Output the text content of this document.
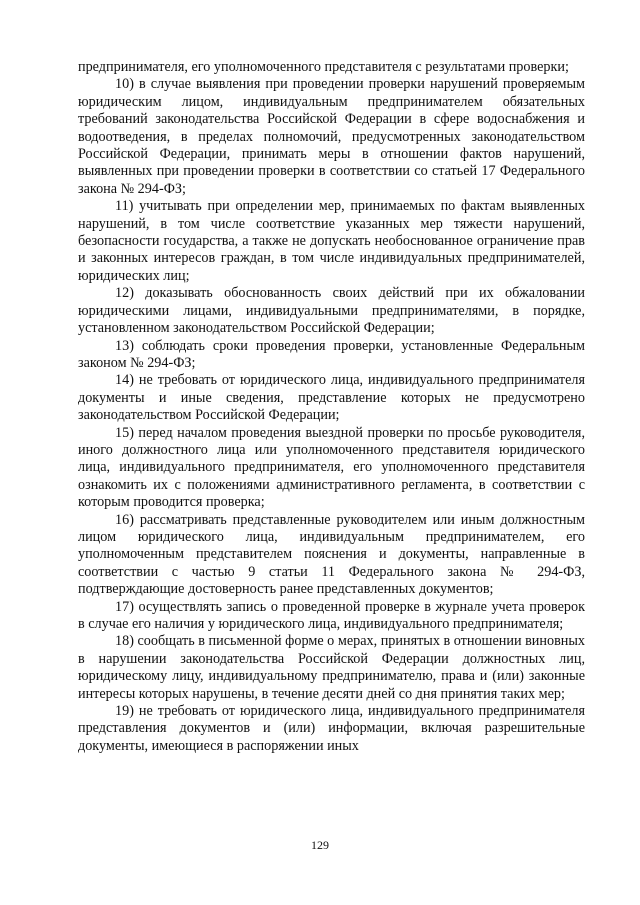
предпринимателя, его уполномоченного представителя с результатами проверки;

10) в случае выявления при проведении проверки нарушений проверяемым юридическим лицом, индивидуальным предпринимателем обязательных требований законодательства Российской Федерации в сфере водоснабжения и водоотведения, в пределах полномочий, предусмотренных законодательством Российской Федерации, принимать меры в отношении фактов нарушений, выявленных при проведении проверки в соответствии со статьей 17 Федерального закона № 294-ФЗ;

11) учитывать при определении мер, принимаемых по фактам выявленных нарушений, в том числе соответствие указанных мер тяжести нарушений, безопасности государства, а также не допускать необоснованное ограничение прав и законных интересов граждан, в том числе индивидуальных предпринимателей, юридических лиц;

12) доказывать обоснованность своих действий при их обжаловании юридическими лицами, индивидуальными предпринимателями, в порядке, установленном законодательством Российской Федерации;

13) соблюдать сроки проведения проверки, установленные Федеральным законом № 294-ФЗ;

14) не требовать от юридического лица, индивидуального предпринимателя документы и иные сведения, представление которых не предусмотрено законодательством Российской Федерации;

15) перед началом проведения выездной проверки по просьбе руководителя, иного должностного лица или уполномоченного представителя юридического лица, индивидуального предпринимателя, его уполномоченного представителя ознакомить их с положениями административного регламента, в соответствии с которым проводится проверка;

16) рассматривать представленные руководителем или иным должностным лицом юридического лица, индивидуальным предпринимателем, его уполномоченным представителем пояснения и документы, направленные в соответствии с частью 9 статьи 11 Федерального закона № 294-ФЗ, подтверждающие достоверность ранее представленных документов;

17) осуществлять запись о проведенной проверке в журнале учета проверок в случае его наличия у юридического лица, индивидуального предпринимателя;

18) сообщать в письменной форме о мерах, принятых в отношении виновных в нарушении законодательства Российской Федерации должностных лиц, юридическому лицу, индивидуальному предпринимателю, права и (или) законные интересы которых нарушены, в течение десяти дней со дня принятия таких мер;

19) не требовать от юридического лица, индивидуального предпринимателя представления документов и (или) информации, включая разрешительные документы, имеющиеся в распоряжении иных

129
